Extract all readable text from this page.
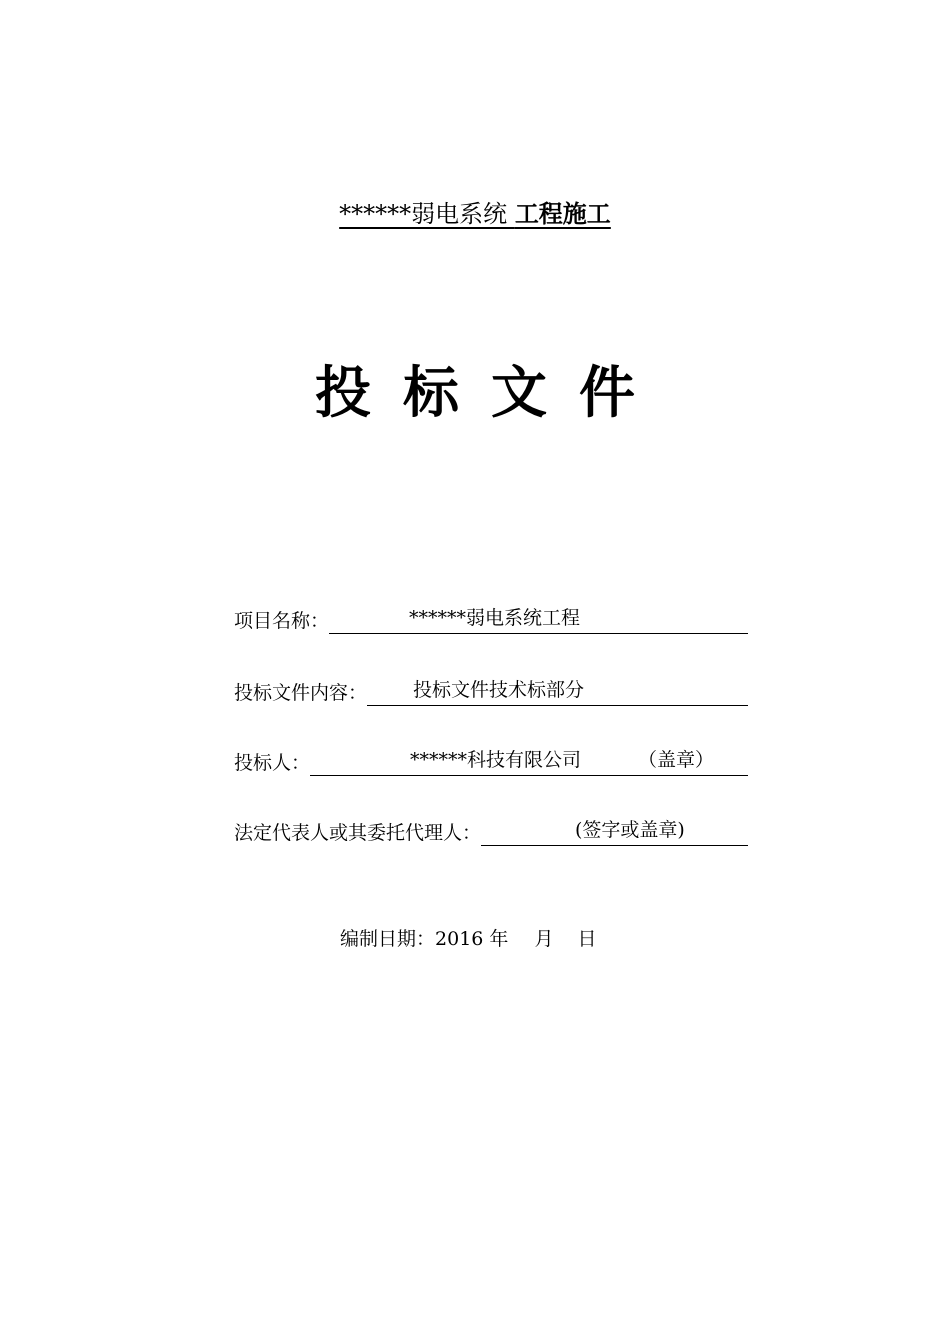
******弱电系统 工程施工
投标文件
项目名称：	******弱电系统工程
投标文件内容： 投标文件技术标部分
投标人：	******科技有限公司	（盖章）
法定代表人或其委托代理人：	(签字或盖章)
编制日期：2016 年 月 日
